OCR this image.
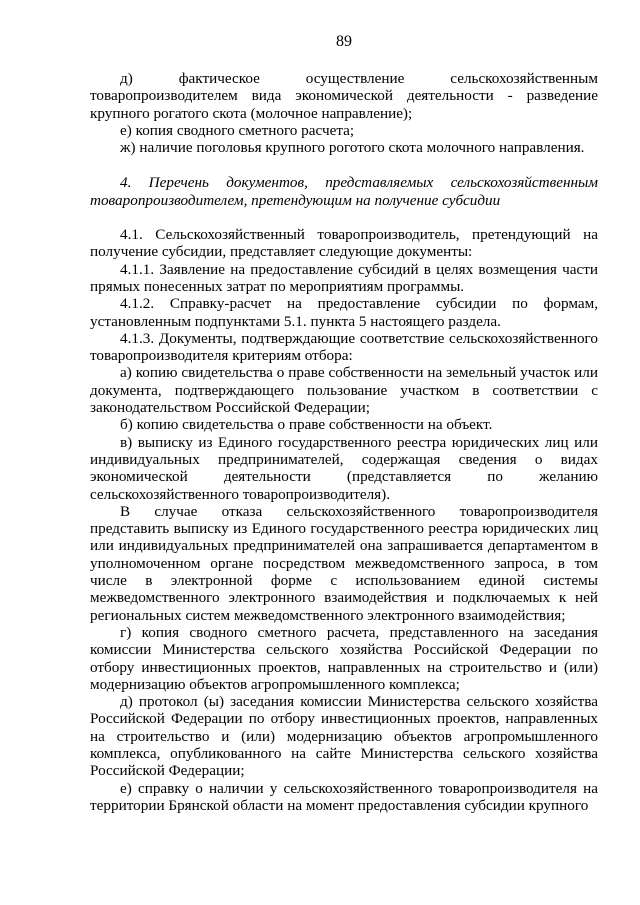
89

д) фактическое осуществление сельскохозяйственным товаропроизводителем вида экономической деятельности - разведение крупного рогатого скота (молочное направление);

е) копия сводного сметного расчета;

ж) наличие поголовья крупного роготого скота молочного направления.

4. Перечень документов, представляемых сельскохозяйственным товаропроизводителем, претендующим на получение субсидии

4.1. Сельскохозяйственный товаропроизводитель, претендующий на получение субсидии, представляет следующие документы:

4.1.1. Заявление на предоставление субсидий в целях возмещения части прямых понесенных затрат по мероприятиям программы.

4.1.2. Справку-расчет на предоставление субсидии по формам, установленным подпунктами 5.1. пункта 5 настоящего раздела.

4.1.3. Документы, подтверждающие соответствие сельскохозяйственного товаропроизводителя критериям отбора:

а) копию свидетельства о праве собственности на земельный участок или документа, подтверждающего пользование участком в соответствии с законодательством Российской Федерации;

б) копию свидетельства о праве собственности на объект.

в) выписку из Единого государственного реестра юридических лиц или индивидуальных предпринимателей, содержащая сведения о видах экономической деятельности (представляется по желанию сельскохозяйственного товаропроизводителя).

В случае отказа сельскохозяйственного товаропроизводителя представить выписку из Единого государственного реестра юридических лиц или индивидуальных предпринимателей она запрашивается департаментом в уполномоченном органе посредством межведомственного запроса, в том числе в электронной форме с использованием единой системы межведомственного электронного взаимодействия и подключаемых к ней региональных систем межведомственного электронного взаимодействия;

г) копия сводного сметного расчета, представленного на заседания комиссии Министерства сельского хозяйства Российской Федерации по отбору инвестиционных проектов, направленных на строительство и (или) модернизацию объектов агропромышленного комплекса;

д) протокол (ы) заседания комиссии Министерства сельского хозяйства Российской Федерации по отбору инвестиционных проектов, направленных на строительство и (или) модернизацию объектов агропромышленного комплекса, опубликованного на сайте Министерства сельского хозяйства Российской Федерации;

е) справку о наличии у сельскохозяйственного товаропроизводителя на территории Брянской области на момент предоставления субсидии крупного
